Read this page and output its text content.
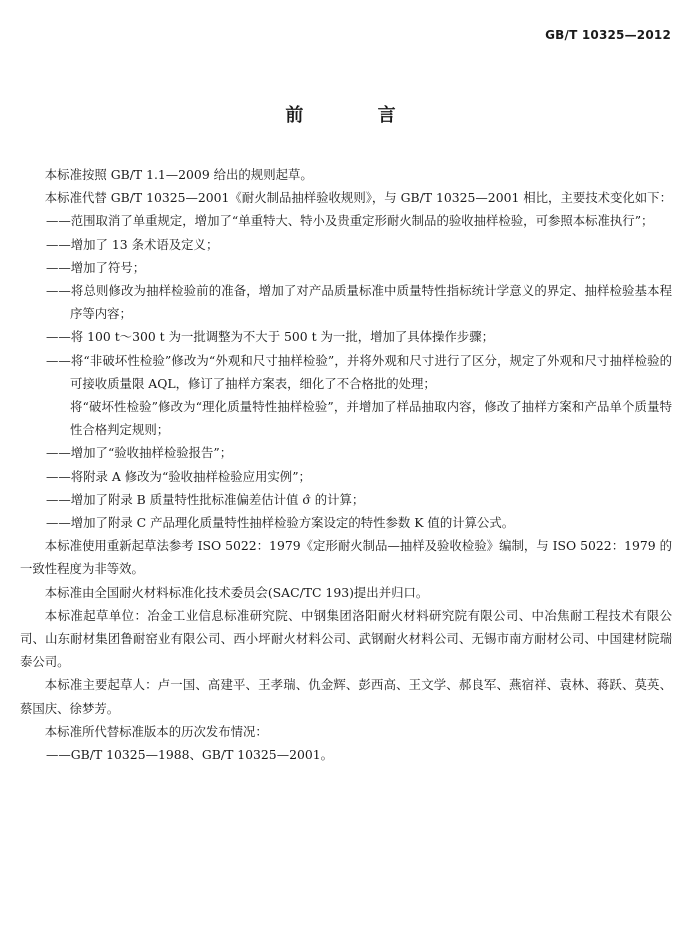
GB/T 10325—2012
前 言

本标准按照 GB/T 1.1—2009 给出的规则起草。

本标准代替 GB/T 10325—2001《耐火制品抽样验收规则》，与 GB/T 10325—2001 相比，主要技术变化如下：

——范围取消了单重规定，增加了“单重特大、特小及贵重定形耐火制品的验收抽样检验，可参照本标准执行”；

——增加了 13 条术语及定义；

——增加了符号；

——将总则修改为抽样检验前的准备，增加了对产品质量标准中质量特性指标统计学意义的界定、抽样检验基本程序等内容；

——将 100 t～300 t 为一批调整为不大于 500 t 为一批，增加了具体操作步骤；

——将“非破坏性检验”修改为“外观和尺寸抽样检验”，并将外观和尺寸进行了区分，规定了外观和尺寸抽样检验的可接收质量限 AQL，修订了抽样方案表，细化了不合格批的处理；

将“破坏性检验”修改为“理化质量特性抽样检验”，并增加了样品抽取内容，修改了抽样方案和产品单个质量特性合格判定规则；

——增加了“验收抽样检验报告”；

——将附录 A 修改为“验收抽样检验应用实例”；

——增加了附录 B 质量特性批标准偏差估计值 σ̂ 的计算；

——增加了附录 C 产品理化质量特性抽样检验方案设定的特性参数 K 值的计算公式。

本标准使用重新起草法参考 ISO 5022：1979《定形耐火制品—抽样及验收检验》编制，与 ISO 5022：1979 的一致性程度为非等效。

本标准由全国耐火材料标准化技术委员会(SAC/TC 193)提出并归口。

本标准起草单位：冶金工业信息标准研究院、中钢集团洛阳耐火材料研究院有限公司、中冶焦耐工程技术有限公司、山东耐材集团鲁耐窑业有限公司、西小坪耐火材料公司、武钢耐火材料公司、无锡市南方耐材公司、中国建材院瑞泰公司。

本标准主要起草人：卢一国、高建平、王孝瑞、仇金辉、彭西高、王文学、郝良军、燕宿祥、袁林、蒋跃、莫英、蔡国庆、徐梦芳。

本标准所代替标准版本的历次发布情况：

——GB/T 10325—1988、GB/T 10325—2001。
